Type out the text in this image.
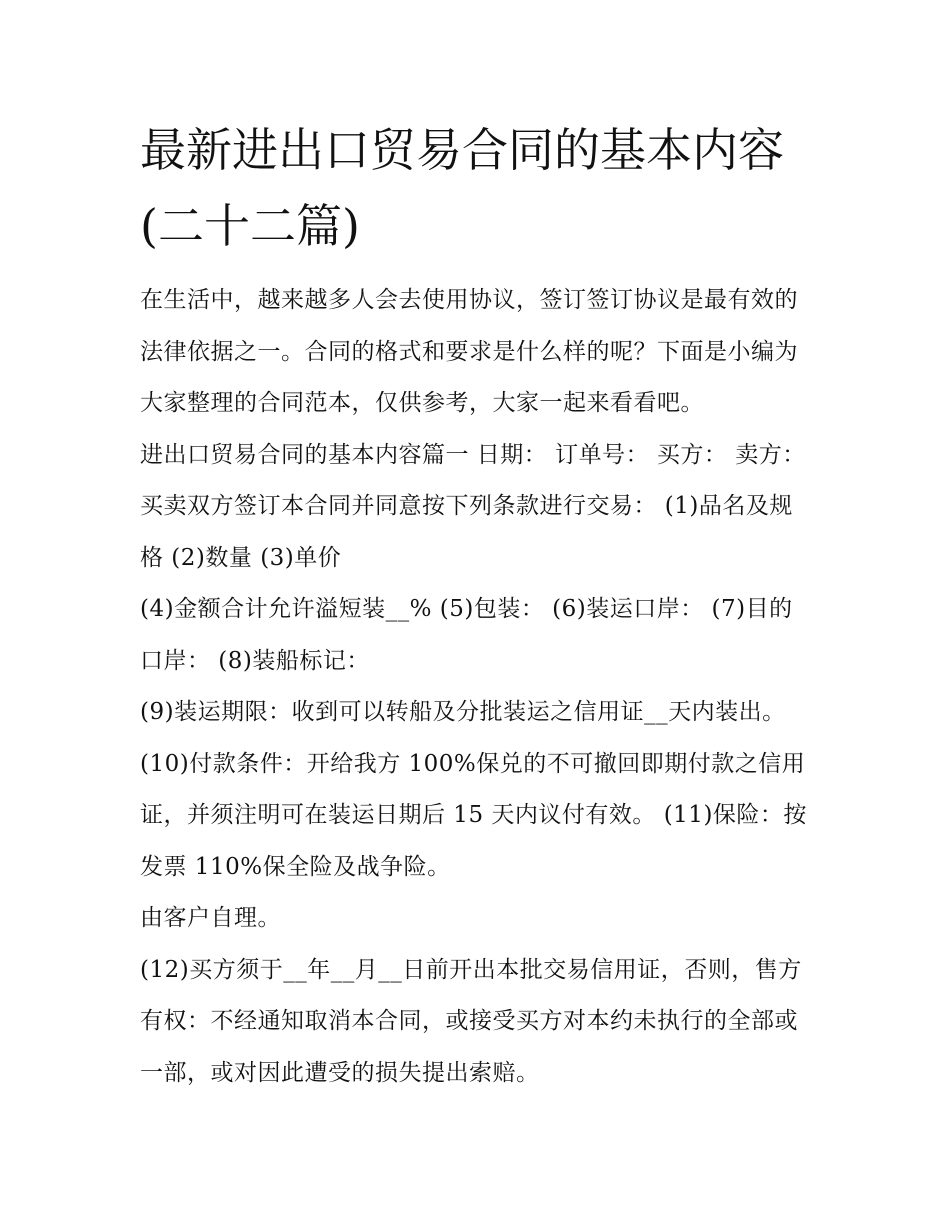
最新进出口贸易合同的基本内容(二十二篇)

在生活中，越来越多人会去使用协议，签订签订协议是最有效的法律依据之一。合同的格式和要求是什么样的呢？下面是小编为大家整理的合同范本，仅供参考，大家一起来看看吧。

进出口贸易合同的基本内容篇一 日期： 订单号： 买方： 卖方： 买卖双方签订本合同并同意按下列条款进行交易： (1)品名及规格 (2)数量 (3)单价

(4)金额合计允许溢短装__% (5)包装： (6)装运口岸： (7)目的口岸： (8)装船标记：

(9)装运期限：收到可以转船及分批装运之信用证__天内装出。

(10)付款条件：开给我方 100%保兑的不可撤回即期付款之信用证，并须注明可在装运日期后 15 天内议付有效。 (11)保险：按发票 110%保全险及战争险。

由客户自理。

(12)买方须于__年__月__日前开出本批交易信用证，否则，售方有权：不经通知取消本合同，或接受买方对本约未执行的全部或一部，或对因此遭受的损失提出索赔。
